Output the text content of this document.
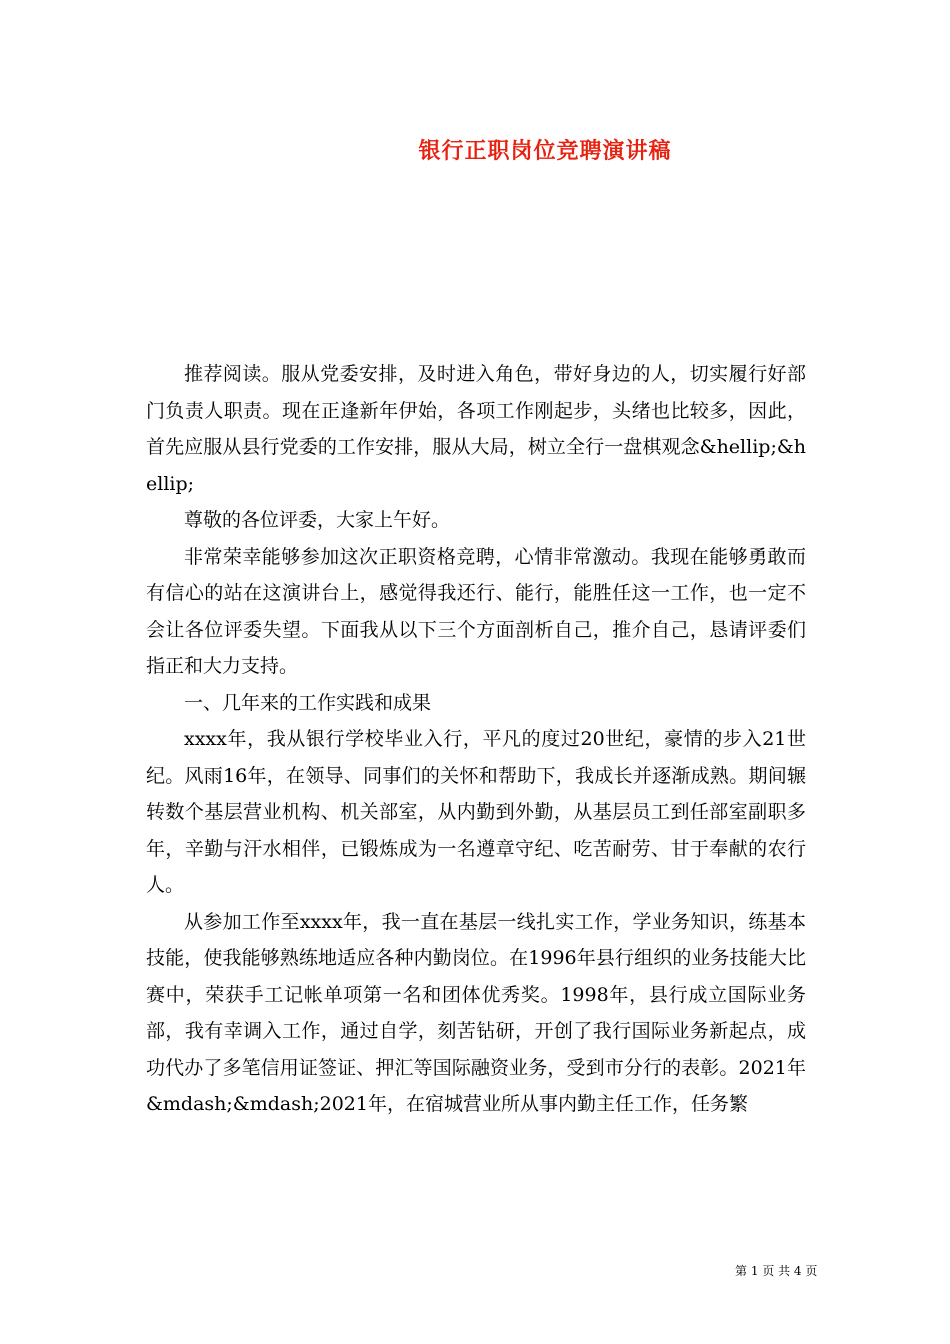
银行正职岗位竞聘演讲稿

推荐阅读。服从党委安排，及时进入角色，带好身边的人，切实履行好部门负责人职责。现在正逢新年伊始，各项工作刚起步，头绪也比较多，因此，首先应服从县行党委的工作安排，服从大局，树立全行一盘棋观念&hellip;&hellip;

尊敬的各位评委，大家上午好。

非常荣幸能够参加这次正职资格竞聘，心情非常激动。我现在能够勇敢而有信心的站在这演讲台上，感觉得我还行、能行，能胜任这一工作，也一定不会让各位评委失望。下面我从以下三个方面剖析自己，推介自己，恳请评委们指正和大力支持。

一、几年来的工作实践和成果

xxxx年，我从银行学校毕业入行，平凡的度过20世纪，豪情的步入21世纪。风雨16年，在领导、同事们的关怀和帮助下，我成长并逐渐成熟。期间辗转数个基层营业机构、机关部室，从内勤到外勤，从基层员工到任部室副职多年，辛勤与汗水相伴，已锻炼成为一名遵章守纪、吃苦耐劳、甘于奉献的农行人。

从参加工作至xxxx年，我一直在基层一线扎实工作，学业务知识，练基本技能，使我能够熟练地适应各种内勤岗位。在1996年县行组织的业务技能大比赛中，荣获手工记帐单项第一名和团体优秀奖。1998年，县行成立国际业务部，我有幸调入工作，通过自学，刻苦钻研，开创了我行国际业务新起点，成功代办了多笔信用证签证、押汇等国际融资业务，受到市分行的表彰。2021年&mdash;&mdash;2021年，在宿城营业所从事内勤主任工作，任务繁

第 1 页 共 4 页
